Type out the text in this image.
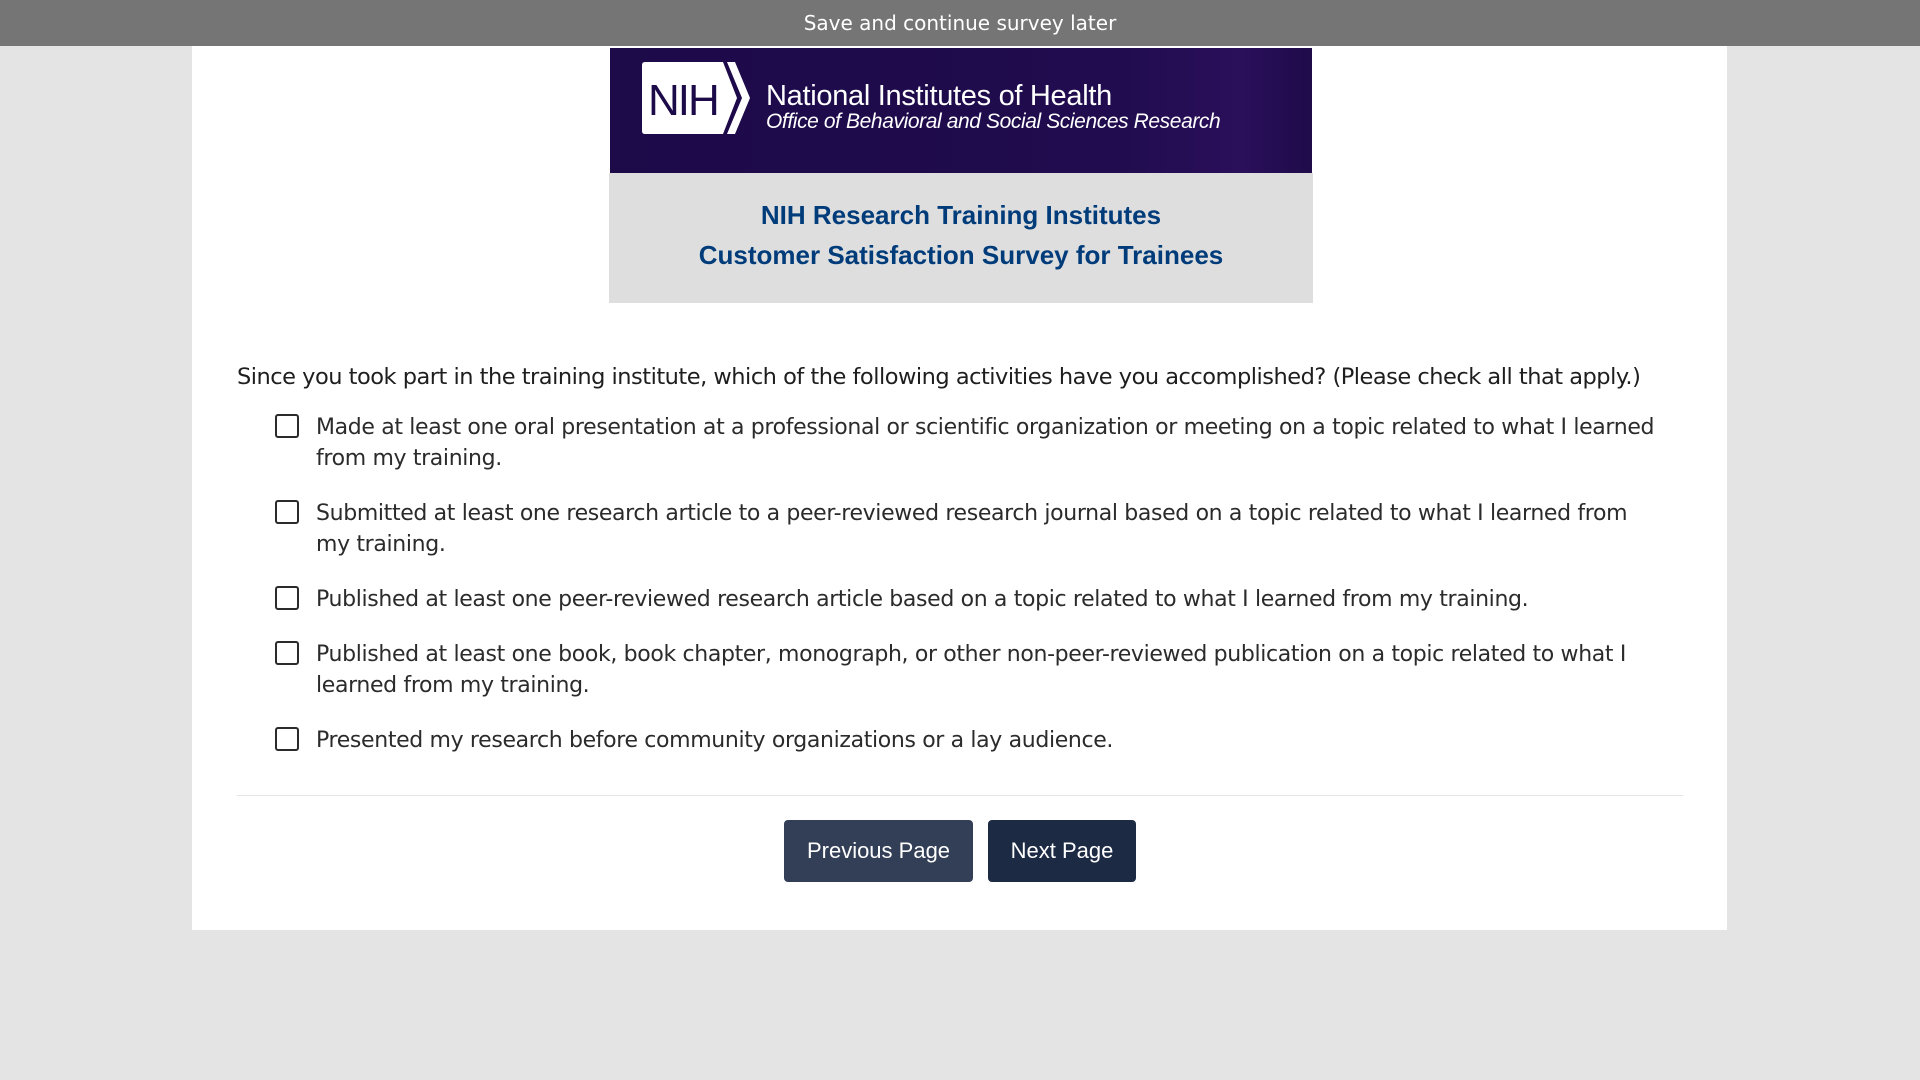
Save and continue survey later
NIH National Institutes of Health
Office of Behavioral and Social Sciences Research
NIH Research Training Institutes
Customer Satisfaction Survey for Trainees
Since you took part in the training institute, which of the following activities have you accomplished? (Please check all that apply.)
Made at least one oral presentation at a professional or scientific organization or meeting on a topic related to what I learned from my training.
Submitted at least one research article to a peer-reviewed research journal based on a topic related to what I learned from my training.
Published at least one peer-reviewed research article based on a topic related to what I learned from my training.
Published at least one book, book chapter, monograph, or other non-peer-reviewed publication on a topic related to what I learned from my training.
Presented my research before community organizations or a lay audience.
Previous Page	Next Page
